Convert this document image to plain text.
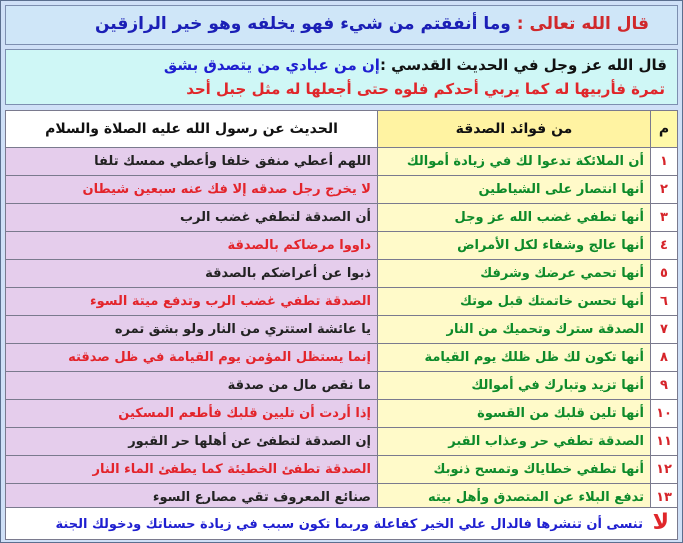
قال الله تعالى : وما أنفقتم من شيء فهو يخلفه وهو خير الرازقين
قال الله عز وجل في الحديث القدسي :إن من عبادي من يتصدق بشق
تمرة فأربيها له كما يربي أحدكم فلوه حتى أجعلها له مثل جبل أحد
م	من فوائد الصدقة	الحديث عن رسول الله عليه الصلاة والسلام
١	أن الملائكة تدعوا لك في زيادة أموالك	اللهم أعطي منفق خلفا وأعطي ممسك تلفا
٢	أنها انتصار على الشياطين	لا يخرج رجل صدقه إلا فك عنه سبعين شيطان
٣	أنها تطفي غضب الله عز وجل	أن الصدقة لتطفي غضب الرب
٤	أنها عالج وشفاء لكل الأمراض	داووا مرضاكم بالصدقة
٥	أنها تحمي عرضك وشرفك	ذبوا عن أعراضكم بالصدقة
٦	أنها تحسن خاتمتك قبل موتك	الصدقة تطفي غضب الرب وتدفع ميتة السوء
٧	الصدقة سترك وتحميك من النار	يا عائشة استتري من النار ولو بشق تمره
٨	أنها تكون لك ظل ظلك يوم القيامة	إنما يستظل المؤمن يوم القيامة في ظل صدقته
٩	أنها تزيد وتبارك في أموالك	ما نقص مال من صدقة
١٠	أنها تلين قلبك من القسوة	إذا أردت أن تليين قلبك فأطعم المسكين
١١	الصدقة تطفي حر وعذاب القبر	إن الصدقة لتطفئ عن أهلها حر القبور
١٢	أنها تطفي خطاياك وتمسح ذنوبك	الصدقة تطفئ الخطيئة كما يطفئ الماء النار
١٣	تدفع البلاء عن المتصدق وأهل بيته	صنائع المعروف تقي مصارع السوء
لا
تنسى أن تنشرها فالدال علي الخير كفاعلة وربما تكون سبب في زيادة حسناتك ودخولك الجنة
